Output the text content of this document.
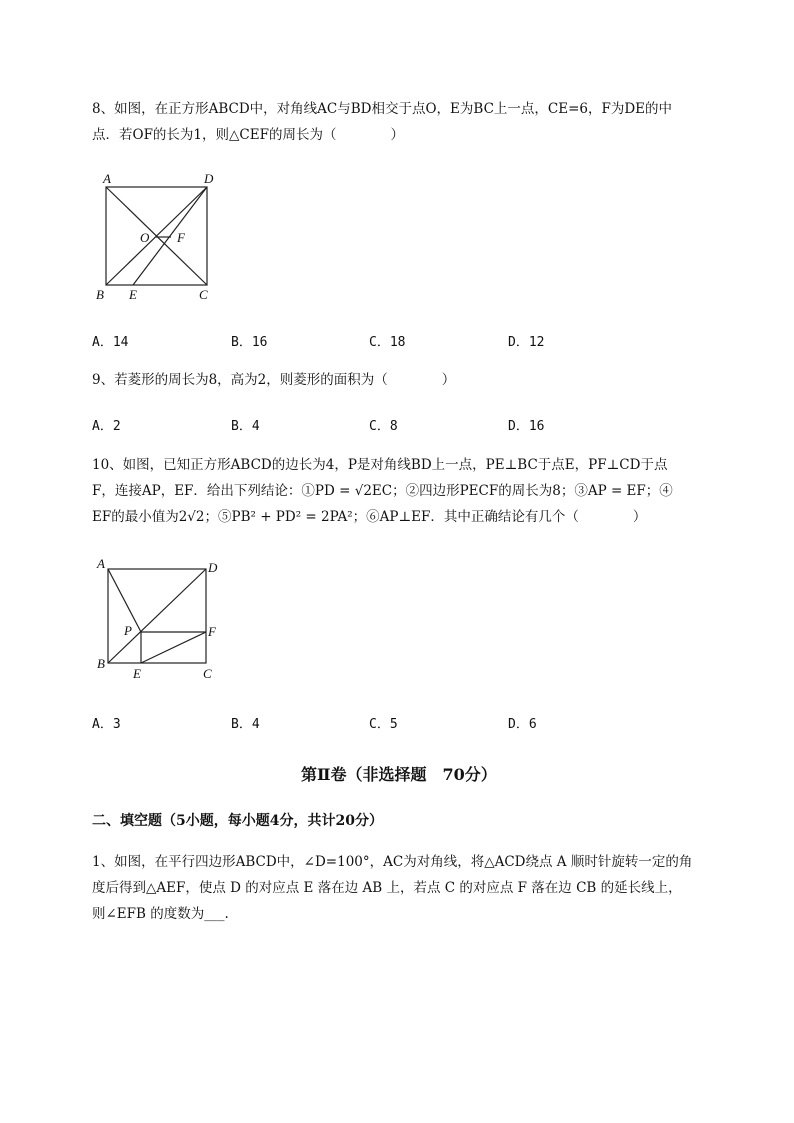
8、如图，在正方形ABCD中，对角线AC与BD相交于点O，E为BC上一点，CE=6，F为DE的中
点．若OF的长为1，则△CEF的周长为（　　　　）
A	D
O F
B E	C
A．14	B．16	C．18	D．12
9、若菱形的周长为8，高为2，则菱形的面积为（　　　　）
A．2	B．4	C．8	D．16
10、如图，已知正方形ABCD的边长为4，P是对角线BD上一点，PE⊥BC于点E，PF⊥CD于点
F，连接AP，EF．给出下列结论：①PD = √2EC；②四边形PECF的周长为8；③AP = EF；④
EF的最小值为2√2；⑤PB² + PD² = 2PA²；⑥AP⊥EF．其中正确结论有几个（　　　　）
A	D
P	F
B
E	C
A．3	B．4	C．5	D．6
第Ⅱ卷（非选择题　70分）
二、填空题（5小题，每小题4分，共计20分）
1、如图，在平行四边形ABCD中，∠D=100°，AC为对角线，将△ACD绕点 A 顺时针旋转一定的角
度后得到△AEF，使点 D 的对应点 E 落在边 AB 上，若点 C 的对应点 F 落在边 CB 的延长线上，
则∠EFB 的度数为___.
